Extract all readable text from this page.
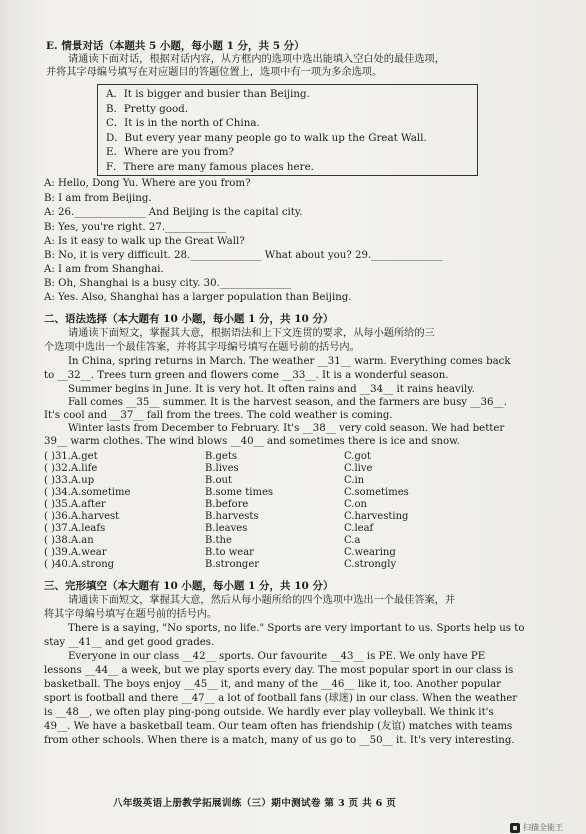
E. 情景对话（本题共 5 小题，每小题 1 分，共 5 分）
请通读下面对话，根据对话内容，从方框内的选项中选出能填入空白处的最佳选项，
并将其字母编号填写在对应题目的答题位置上，选项中有一项为多余选项。
A．It is bigger and busier than Beijing.
B．Pretty good.
C．It is in the north of China.
D．But every year many people go to walk up the Great Wall.
E．Where are you from?
F．There are many famous places here.
A: Hello, Dong Yu. Where are you from?
B: I am from Beijing.
A: 26.______________ And Beijing is the capital city.
B: Yes, you're right. 27.____________
A: Is it easy to walk up the Great Wall?
B: No, it is very difficult. 28.______________ What about you? 29.______________
A: I am from Shanghai.
B: Oh, Shanghai is a busy city. 30.______________
A: Yes. Also, Shanghai has a larger population than Beijing.
二、语法选择（本大题有 10 小题，每小题 1 分，共 10 分）
请通读下面短文，掌握其大意，根据语法和上下文连贯的要求，从每小题所给的三
个选项中选出一个最佳答案，并将其字母编号填写在题号前的括号内。
In China, spring returns in March. The weather __31__ warm. Everything comes back
to __32__. Trees turn green and flowers come __33__. It is a wonderful season.
Summer begins in June. It is very hot. It often rains and __34__ it rains heavily.
Fall comes __35__ summer. It is the harvest season, and the farmers are busy __36__.
It's cool and __37__ fall from the trees. The cold weather is coming.
Winter lasts from December to February. It's __38__ very cold season. We had better
39__ warm clothes. The wind blows __40__ and sometimes there is ice and snow.
( )31.A.get	B.gets	C.got
( )32.A.life	B.lives	C.live
( )33.A.up	B.out	C.in
( )34.A.sometime	B.some times	C.sometimes
( )35.A.after	B.before	C.on
( )36.A.harvest	B.harvests	C.harvesting
( )37.A.leafs	B.leaves	C.leaf
( )38.A.an	B.the	C.a
( )39.A.wear	B.to wear	C.wearing
( )40.A.strong	B.stronger	C.strongly
三、完形填空（本大题有 10 小题，每小题 1 分，共 10 分）
请通读下面短文，掌握其大意，然后从每小题所给的四个选项中选出一个最佳答案，并
将其字母编号填写在题号前的括号内。
There is a saying, "No sports, no life." Sports are very important to us. Sports help us to
stay __41__ and get good grades.
Everyone in our class __42__ sports. Our favourite __43__ is PE. We only have PE
lessons __44__ a week, but we play sports every day. The most popular sport in our class is
basketball. The boys enjoy __45__ it, and many of the __46__ like it, too. Another popular
sport is football and there __47__ a lot of football fans (球迷) in our class. When the weather
is __48__, we often play ping-pong outside. We hardly ever play volleyball. We think it's
49__. We have a basketball team. Our team often has friendship (友谊) matches with teams
from other schools. When there is a match, many of us go to __50__ it. It's very interesting.
八年级英语上册教学拓展训练（三）期中测试卷 第 3 页 共 6 页
扫描全能王
